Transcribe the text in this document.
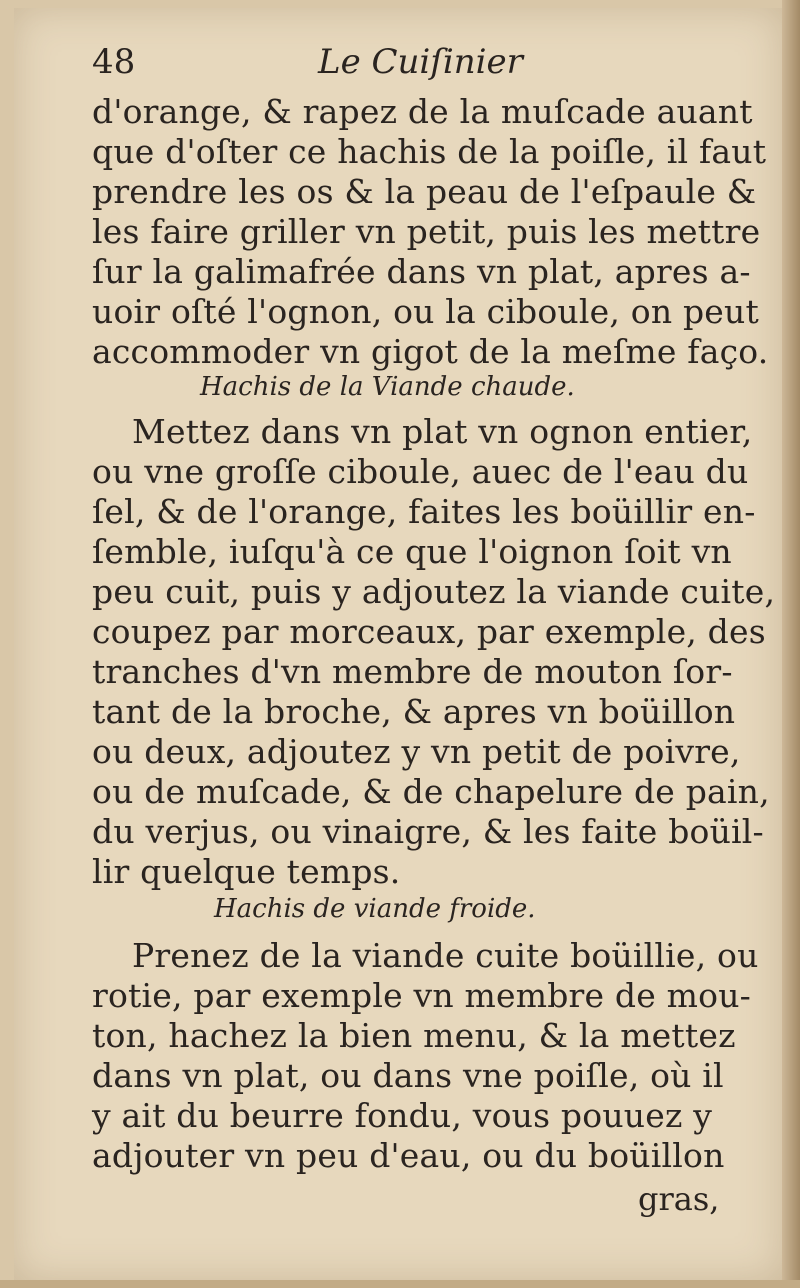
48	Le Cuiſinier
d'orange, & rapez de la muſcade auant
que d'oſter ce hachis de la poiſle, il faut
prendre les os & la peau de l'eſpaule &
les faire griller vn petit, puis les mettre
ſur la galimafrée dans vn plat, apres a-
uoir oſté l'ognon, ou la ciboule, on peut
accommoder vn gigot de la meſme faço.
Hachis de la Viande chaude.
Mettez dans vn plat vn ognon entier,
ou vne groſſe ciboule, auec de l'eau du
ſel, & de l'orange, faites les boüillir en-
ſemble, iuſqu'à ce que l'oignon ſoit vn
peu cuit, puis y adjoutez la viande cuite,
coupez par morceaux, par exemple, des
tranches d'vn membre de mouton ſor-
tant de la broche, & apres vn boüillon
ou deux, adjoutez y vn petit de poivre,
ou de muſcade, & de chapelure de pain,
du verjus, ou vinaigre, & les faite boüil-
lir quelque temps.
Hachis de viande froide.
Prenez de la viande cuite boüillie, ou
rotie, par exemple vn membre de mou-
ton, hachez la bien menu, & la mettez
dans vn plat, ou dans vne poiſle, où il
y ait du beurre fondu, vous pouuez y
adjouter vn peu d'eau, ou du boüillon
gras,
